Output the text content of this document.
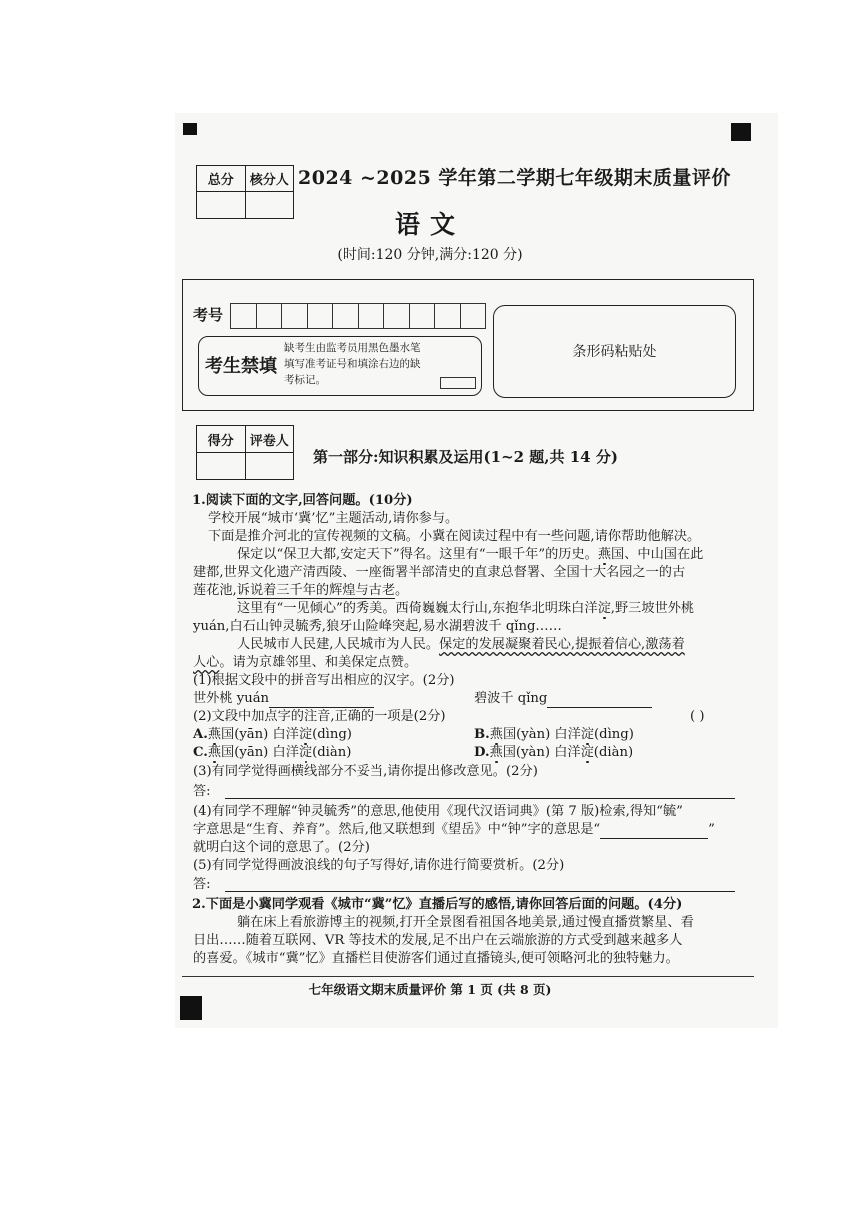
总分	核分人
	2024 ~2025 学年第二学期七年级期末质量评价
语文
(时间:120 分钟,满分:120 分)
考号
考生禁填
缺考生由监考员用黑色墨水笔
填写准考证号和填涂右边的缺
考标记。
条形码粘贴处
得分	评卷人

第一部分:知识积累及运用(1~2 题,共 14 分)
1.阅读下面的文字,回答问题。(10分)
学校开展“城市‘冀’忆”主题活动,请你参与。
下面是推介河北的宣传视频的文稿。小冀在阅读过程中有一些问题,请你帮助他解决。
保定以“保卫大都,安定天下”得名。这里有“一眼千年”的历史。燕国、中山国在此
建都,世界文化遗产清西陵、一座衙署半部清史的直隶总督署、全国十大名园之一的古
莲花池,诉说着三千年的辉煌与古老。
这里有“一见倾心”的秀美。西倚巍巍太行山,东抱华北明珠白洋淀,野三坡世外桃
yuán,白石山钟灵毓秀,狼牙山险峰突起,易水湖碧波千 qǐng……
人民城市人民建,人民城市为人民。保定的发展凝聚着民心,提振着信心,激荡着
人心。请为京雄邻里、和美保定点赞。
(1)根据文段中的拼音写出相应的汉字。(2分)
世外桃 yuán	碧波千 qǐng
(2)文段中加点字的注音,正确的一项是(2分)	( )
A.燕国(yān) 白洋淀(dìng)	B.燕国(yàn) 白洋淀(dìng)
C.燕国(yān) 白洋淀(diàn)	D.燕国(yàn) 白洋淀(diàn)
(3)有同学觉得画横线部分不妥当,请你提出修改意见。(2分)
答:
(4)有同学不理解“钟灵毓秀”的意思,他使用《现代汉语词典》(第 7 版)检索,得知“毓”
字意思是“生育、养育”。然后,他又联想到《望岳》中“钟”字的意思是“	”
就明白这个词的意思了。(2分)
(5)有同学觉得画波浪线的句子写得好,请你进行简要赏析。(2分)
答:
2.下面是小冀同学观看《城市“冀”忆》直播后写的感悟,请你回答后面的问题。(4分)
躺在床上看旅游博主的视频,打开全景图看祖国各地美景,通过慢直播赏繁星、看
日出……随着互联网、VR 等技术的发展,足不出户在云端旅游的方式受到越来越多人
的喜爱。《城市“冀”忆》直播栏目使游客们通过直播镜头,便可领略河北的独特魅力。
七年级语文期末质量评价 第 1 页 (共 8 页)
